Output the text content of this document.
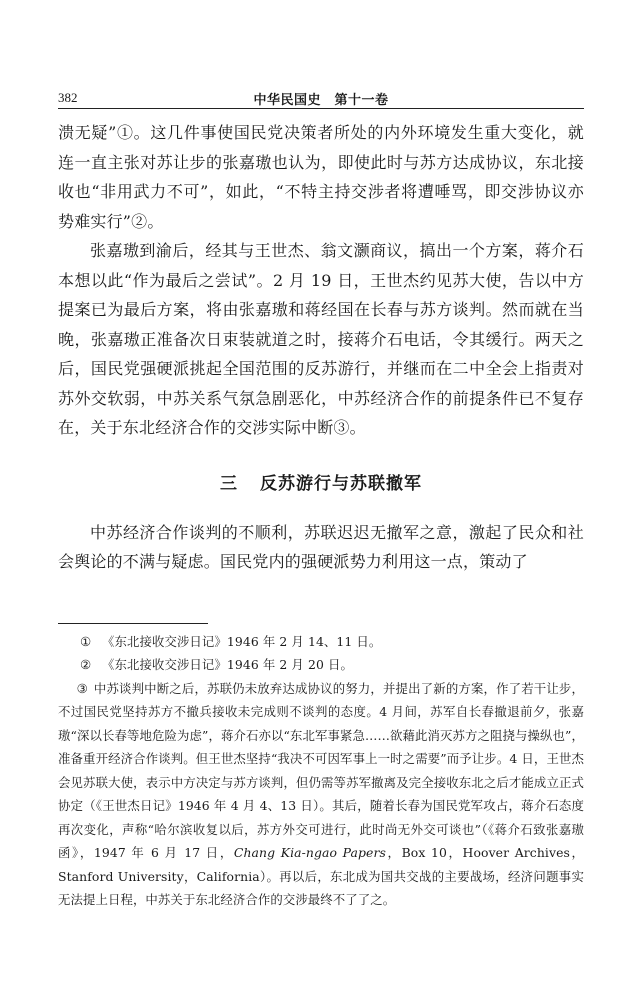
382	中华民国史　第十一卷

溃无疑”①。这几件事使国民党决策者所处的内外环境发生重大变化，就连一直主张对苏让步的张嘉璈也认为，即使此时与苏方达成协议，东北接收也“非用武力不可”，如此，“不特主持交涉者将遭唾骂，即交涉协议亦势难实行”②。

张嘉璈到渝后，经其与王世杰、翁文灏商议，搞出一个方案，蒋介石本想以此“作为最后之尝试”。2 月 19 日，王世杰约见苏大使，告以中方提案已为最后方案，将由张嘉璈和蒋经国在长春与苏方谈判。然而就在当晚，张嘉璈正准备次日束装就道之时，接蒋介石电话，令其缓行。两天之后，国民党强硬派挑起全国范围的反苏游行，并继而在二中全会上指责对苏外交软弱，中苏关系气氛急剧恶化，中苏经济合作的前提条件已不复存在，关于东北经济合作的交涉实际中断③。

三 反苏游行与苏联撤军

中苏经济合作谈判的不顺利，苏联迟迟无撤军之意，激起了民众和社会舆论的不满与疑虑。国民党内的强硬派势力利用这一点，策动了

① 《东北接收交涉日记》1946 年 2 月 14、11 日。

② 《东北接收交涉日记》1946 年 2 月 20 日。

③ 中苏谈判中断之后，苏联仍未放弃达成协议的努力，并提出了新的方案，作了若干让步，不过国民党坚持苏方不撤兵接收未完成则不谈判的态度。4 月间，苏军自长春撤退前夕，张嘉璈“深以长春等地危险为虑”，蒋介石亦以“东北军事紧急……欲藉此消灭苏方之阻挠与操纵也”，准备重开经济合作谈判。但王世杰坚持“我决不可因军事上一时之需要”而予让步。4 日，王世杰会见苏联大使，表示中方决定与苏方谈判，但仍需等苏军撤离及完全接收东北之后才能成立正式协定（《王世杰日记》1946 年 4 月 4、13 日）。其后，随着长春为国民党军攻占，蒋介石态度再次变化，声称“哈尔滨收复以后，苏方外交可进行，此时尚无外交可谈也”（《蒋介石致张嘉璈函》，1947 年 6 月 17 日，Chang Kia-ngao Papers，Box 10，Hoover Archives，Stanford University，California）。再以后，东北成为国共交战的主要战场，经济问题事实无法提上日程，中苏关于东北经济合作的交涉最终不了了之。
